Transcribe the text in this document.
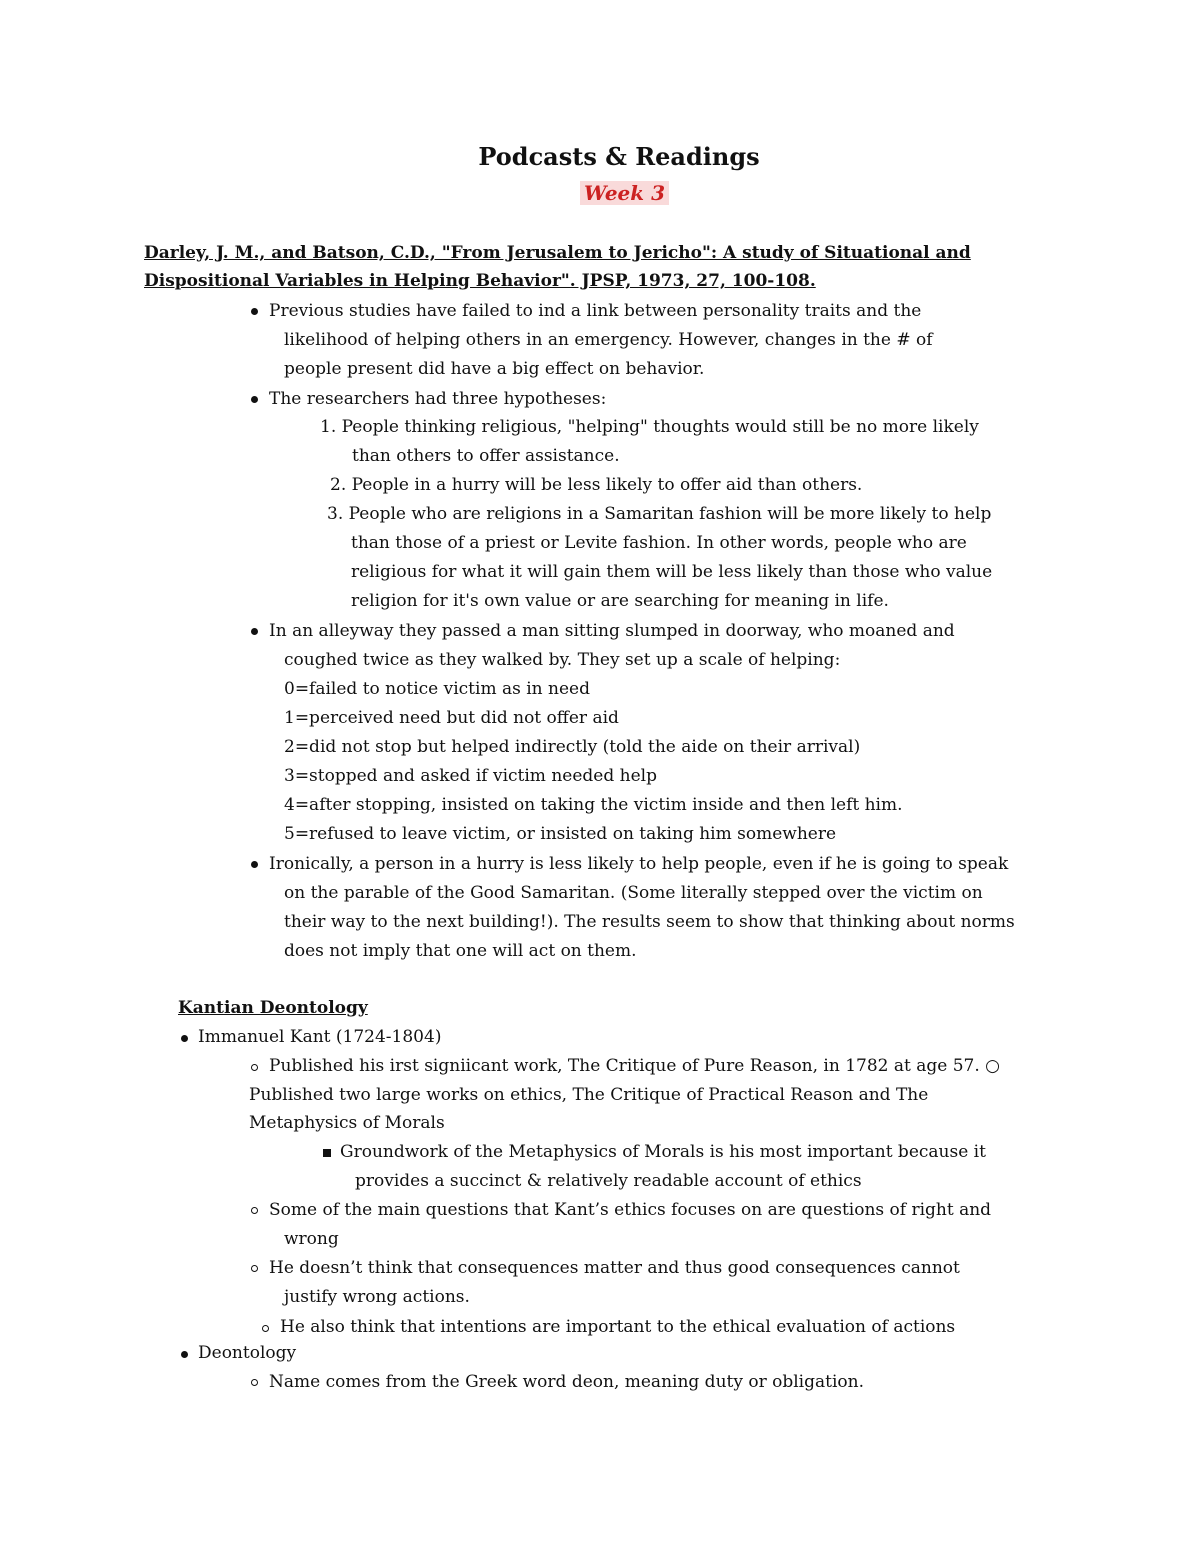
Podcasts & Readings
Week 3
Darley, J. M., and Batson, C.D., "From Jerusalem to Jericho": A study of Situational and
Dispositional Variables in Helping Behavior". JPSP, 1973, 27, 100-108.
Previous studies have failed to ind a link between personality traits and the
likelihood of helping others in an emergency. However, changes in the # of
people present did have a big effect on behavior.
The researchers had three hypotheses:
1. People thinking religious, "helping" thoughts would still be no more likely
than others to offer assistance.
2. People in a hurry will be less likely to offer aid than others.
3. People who are religions in a Samaritan fashion will be more likely to help
than those of a priest or Levite fashion. In other words, people who are
religious for what it will gain them will be less likely than those who value
religion for it's own value or are searching for meaning in life.
In an alleyway they passed a man sitting slumped in doorway, who moaned and
coughed twice as they walked by. They set up a scale of helping:
0=failed to notice victim as in need
1=perceived need but did not offer aid
2=did not stop but helped indirectly (told the aide on their arrival)
3=stopped and asked if victim needed help
4=after stopping, insisted on taking the victim inside and then left him.
5=refused to leave victim, or insisted on taking him somewhere
Ironically, a person in a hurry is less likely to help people, even if he is going to speak
on the parable of the Good Samaritan. (Some literally stepped over the victim on
their way to the next building!). The results seem to show that thinking about norms
does not imply that one will act on them.
Kantian Deontology
Immanuel Kant (1724-1804)
Published his irst signiicant work, The Critique of Pure Reason, in 1782 at age 57. ○
Published two large works on ethics, The Critique of Practical Reason and The
Metaphysics of Morals
Groundwork of the Metaphysics of Morals is his most important because it
provides a succinct & relatively readable account of ethics
Some of the main questions that Kant’s ethics focuses on are questions of right and
wrong
He doesn’t think that consequences matter and thus good consequences cannot
justify wrong actions.
He also think that intentions are important to the ethical evaluation of actions
Deontology
Name comes from the Greek word deon, meaning duty or obligation.
